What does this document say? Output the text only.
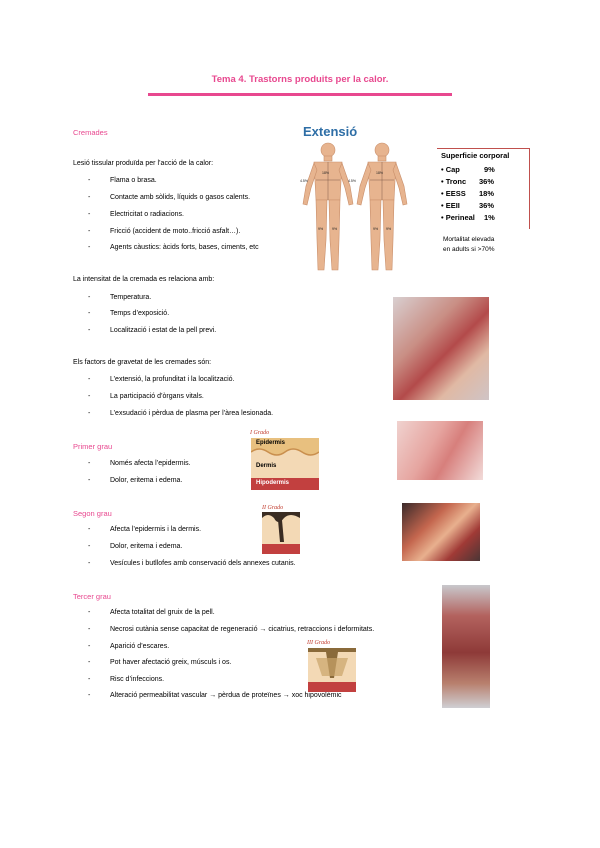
Tema 4. Trastorns produits per la calor.
Cremades
Lesió tissular produïda per l’acció de la calor:
- Flama o brasa.
- Contacte amb sòlids, líquids o gasos calents.
- Electricitat o radiacions.
- Fricció (accident de moto..fricció asfalt…).
- Agents càustics: àcids forts, bases, ciments, etc
La intensitat de la cremada es relaciona amb:
- Temperatura.
- Temps d’exposició.
- Localització i estat de la pell previ.
Els factors de gravetat de les cremades són:
- L’extensió, la profunditat i la localització.
- La participació d’òrgans vitals.
- L’exsudació i pèrdua de plasma per l’àrea lesionada.
Primer grau
- Només afecta l’epidermis.
- Dolor, eritema i edema.
Segon grau
- Afecta l’epidermis i la dermis.
- Dolor, eritema i edema.
- Vesícules i butllofes amb conservació dels annexes cutanis.
Tercer grau
- Afecta totalitat del gruix de la pell.
- Necrosi cutània sense capacitat de regeneració → cicatrius, retraccions i deformitats.
- Aparició d’escares.
- Pot haver afectació greix, músculs i os.
- Risc d’infeccions.
- Alteració permeabilitat vascular → pèrdua de proteïnes → xoc hipovolèmic
Extensió
18%	18%
4.5%	4.5%
9%	9%	9% 9%
Superficie corporal
• Cap	9%
• Tronc 36%
• EESS 18%
• EEII	36%
• Perineal 1%
Mortalitat elevada
en adults si >70%
I Grado
Epidermis
Dermis
Hipodermis
II Grado
III Grado
